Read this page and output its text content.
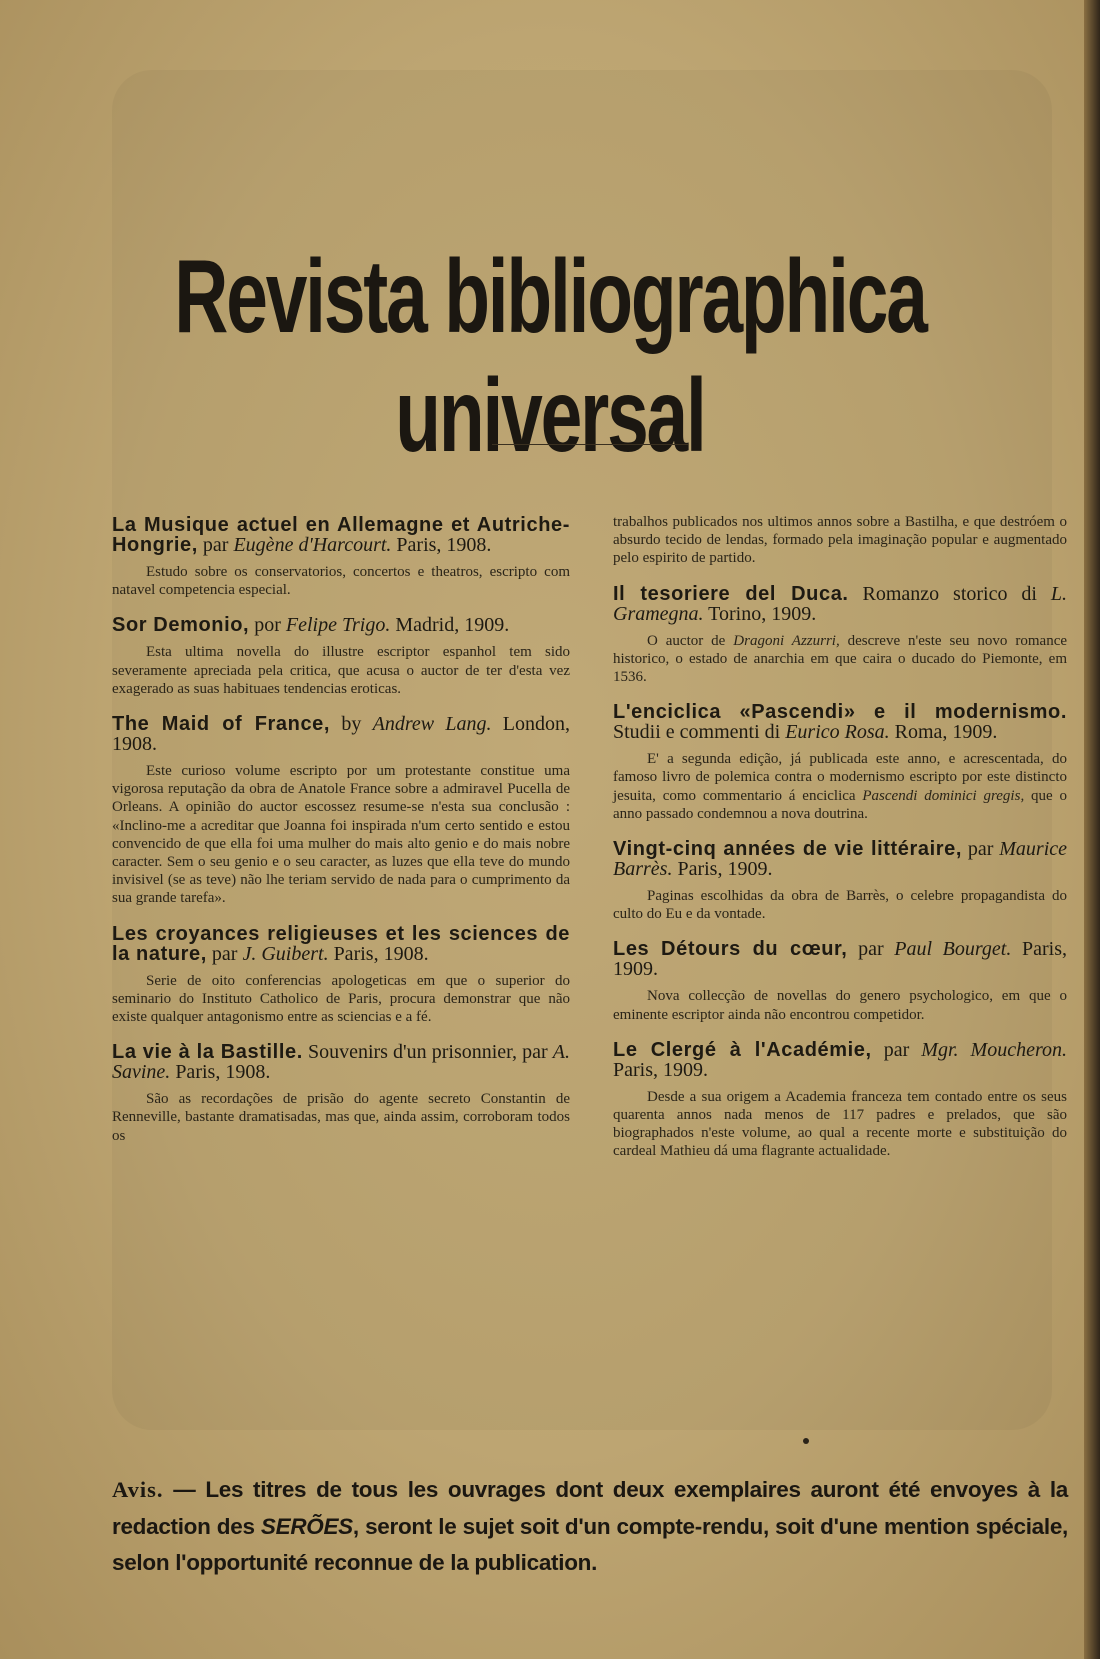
Revista bibliographica universal
La Musique actuel en Allemagne et Autriche-Hongrie, par Eugène d'Harcourt. Paris, 1908.
Estudo sobre os conservatorios, concertos e theatros, escripto com natavel competencia especial.
Sor Demonio, por Felipe Trigo. Madrid, 1909.
Esta ultima novella do illustre escriptor espanhol tem sido severamente apreciada pela critica, que acusa o auctor de ter d'esta vez exagerado as suas habituaes tendencias eroticas.
The Maid of France, by Andrew Lang. London, 1908.
Este curioso volume escripto por um protestante constitue uma vigorosa reputação da obra de Anatole France sobre a admiravel Pucella de Orleans. A opinião do auctor escossez resume-se n'esta sua conclusão : «Inclino-me a acreditar que Joanna foi inspirada n'um certo sentido e estou convencido de que ella foi uma mulher do mais alto genio e do mais nobre caracter. Sem o seu genio e o seu caracter, as luzes que ella teve do mundo invisivel (se as teve) não lhe teriam servido de nada para o cumprimento da sua grande tarefa».
Les croyances religieuses et les sciences de la nature, par J. Guibert. Paris, 1908.
Serie de oito conferencias apologeticas em que o superior do seminario do Instituto Catholico de Paris, procura demonstrar que não existe qualquer antagonismo entre as sciencias e a fé.
La vie à la Bastille. Souvenirs d'un prisonnier, par A. Savine. Paris, 1908.
São as recordações de prisão do agente secreto Constantin de Renneville, bastante dramatisadas, mas que, ainda assim, corroboram todos os
trabalhos publicados nos ultimos annos sobre a Bastilha, e que destróem o absurdo tecido de lendas, formado pela imaginação popular e augmentado pelo espirito de partido.
Il tesoriere del Duca. Romanzo storico di L. Gramegna. Torino, 1909.
O auctor de Dragoni Azzurri, descreve n'este seu novo romance historico, o estado de anarchia em que caira o ducado do Piemonte, em 1536.
L'enciclica «Pascendi» e il modernismo. Studii e commenti di Eurico Rosa. Roma, 1909.
E' a segunda edição, já publicada este anno, e acrescentada, do famoso livro de polemica contra o modernismo escripto por este distincto jesuita, como commentario á enciclica Pascendi dominici gregis, que o anno passado condemnou a nova doutrina.
Vingt-cinq années de vie littéraire, par Maurice Barrès. Paris, 1909.
Paginas escolhidas da obra de Barrès, o celebre propagandista do culto do Eu e da vontade.
Les Détours du cœur, par Paul Bourget. Paris, 1909.
Nova collecção de novellas do genero psychologico, em que o eminente escriptor ainda não encontrou competidor.
Le Clergé à l'Académie, par Mgr. Moucheron. Paris, 1909.
Desde a sua origem a Academia franceza tem contado entre os seus quarenta annos nada menos de 117 padres e prelados, que são biographados n'este volume, ao qual a recente morte e substituição do cardeal Mathieu dá uma flagrante actualidade.
Avis. — Les titres de tous les ouvrages dont deux exemplaires auront été envoyes à la redaction des SERÕES, seront le sujet soit d'un compte-rendu, soit d'une mention spéciale, selon l'opportunité reconnue de la publication.
